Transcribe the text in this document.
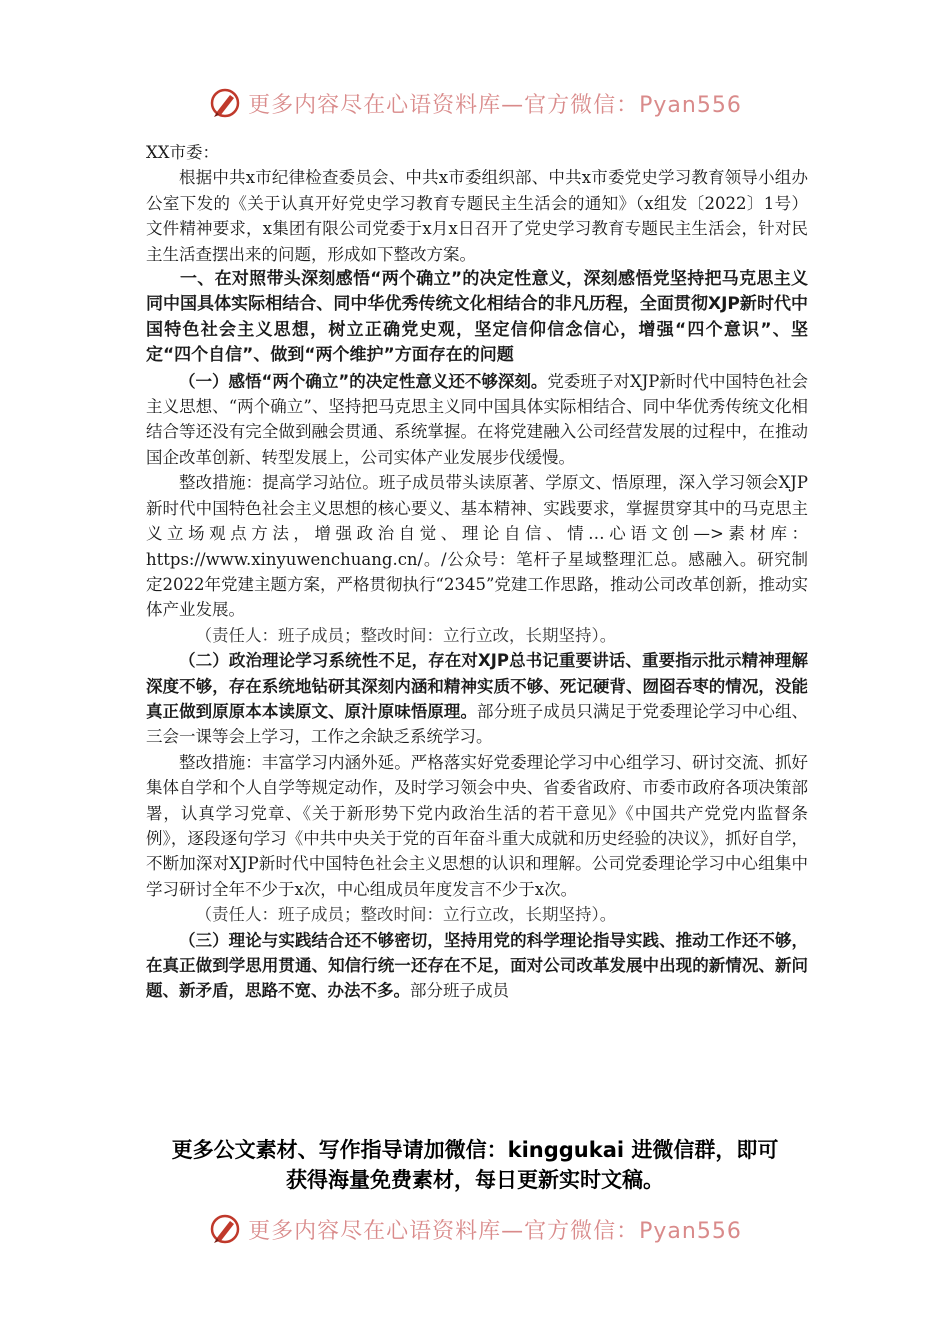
更多内容尽在心语资料库—官方微信：Pyan556

XX市委：

根据中共x市纪律检查委员会、中共x市委组织部、中共x市委党史学习教育领导小组办公室下发的《关于认真开好党史学习教育专题民主生活会的通知》（x组发〔2022〕1号）文件精神要求，x集团有限公司党委于x月x日召开了党史学习教育专题民主生活会，针对民主生活查摆出来的问题，形成如下整改方案。

一、在对照带头深刻感悟“两个确立”的决定性意义，深刻感悟党坚持把马克思主义同中国具体实际相结合、同中华优秀传统文化相结合的非凡历程，全面贯彻XJP新时代中国特色社会主义思想，树立正确党史观，坚定信仰信念信心，增强“四个意识”、坚定“四个自信”、做到“两个维护”方面存在的问题

（一）感悟“两个确立”的决定性意义还不够深刻。党委班子对XJP新时代中国特色社会主义思想、“两个确立”、坚持把马克思主义同中国具体实际相结合、同中华优秀传统文化相结合等还没有完全做到融会贯通、系统掌握。在将党建融入公司经营发展的过程中，在推动国企改革创新、转型发展上，公司实体产业发展步伐缓慢。

整改措施：提高学习站位。班子成员带头读原著、学原文、悟原理，深入学习领会XJP新时代中国特色社会主义思想的核心要义、基本精神、实践要求，掌握贯穿其中的马克思主义立场观点方法，增强政治自觉、理论自信、情…心语文创—>素材库：https://www.xinyuwenchuang.cn/。/公众号：笔杆子星域整理汇总。感融入。研究制定2022年党建主题方案，严格贯彻执行“2345”党建工作思路，推动公司改革创新，推动实体产业发展。

（责任人：班子成员；整改时间：立行立改，长期坚持）。

（二）政治理论学习系统性不足，存在对XJP总书记重要讲话、重要指示批示精神理解深度不够，存在系统地钻研其深刻内涵和精神实质不够、死记硬背、囫囵吞枣的情况，没能真正做到原原本本读原文、原汁原味悟原理。部分班子成员只满足于党委理论学习中心组、三会一课等会上学习，工作之余缺乏系统学习。

整改措施：丰富学习内涵外延。严格落实好党委理论学习中心组学习、研讨交流、抓好集体自学和个人自学等规定动作，及时学习领会中央、省委省政府、市委市政府各项决策部署，认真学习党章、《关于新形势下党内政治生活的若干意见》《中国共产党党内监督条例》，逐段逐句学习《中共中央关于党的百年奋斗重大成就和历史经验的决议》，抓好自学，不断加深对XJP新时代中国特色社会主义思想的认识和理解。公司党委理论学习中心组集中学习研讨全年不少于x次，中心组成员年度发言不少于x次。

（责任人：班子成员；整改时间：立行立改，长期坚持）。

（三）理论与实践结合还不够密切，坚持用党的科学理论指导实践、推动工作还不够，在真正做到学思用贯通、知信行统一还存在不足，面对公司改革发展中出现的新情况、新问题、新矛盾，思路不宽、办法不多。部分班子成员

更多公文素材、写作指导请加微信：kinggukai 进微信群，即可
获得海量免费素材，每日更新实时文稿。
更多内容尽在心语资料库—官方微信：Pyan556
